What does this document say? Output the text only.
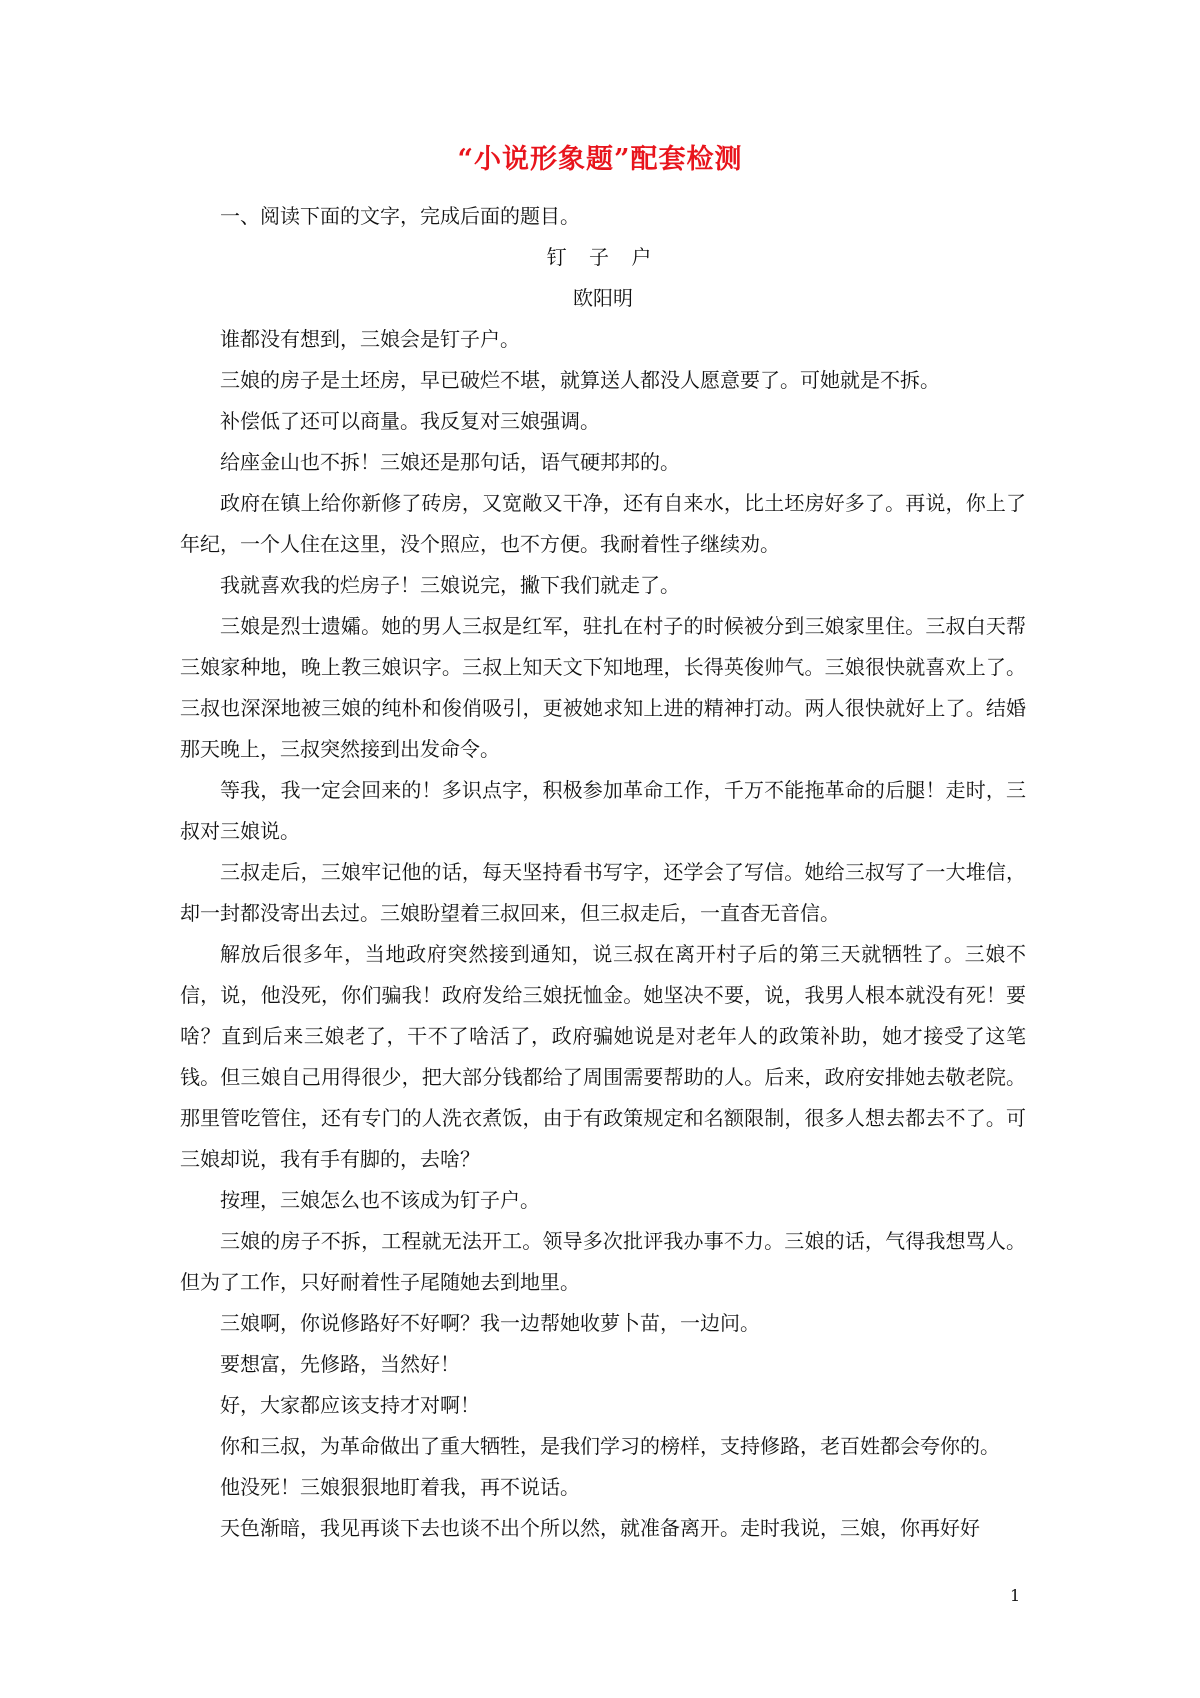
“小说形象题”配套检测

一、阅读下面的文字，完成后面的题目。

钉 子 户

欧阳明

谁都没有想到，三娘会是钉子户。

三娘的房子是土坯房，早已破烂不堪，就算送人都没人愿意要了。可她就是不拆。

补偿低了还可以商量。我反复对三娘强调。

给座金山也不拆！三娘还是那句话，语气硬邦邦的。

政府在镇上给你新修了砖房，又宽敞又干净，还有自来水，比土坯房好多了。再说，你上了年纪，一个人住在这里，没个照应，也不方便。我耐着性子继续劝。

我就喜欢我的烂房子！三娘说完，撇下我们就走了。

三娘是烈士遗孀。她的男人三叔是红军，驻扎在村子的时候被分到三娘家里住。三叔白天帮三娘家种地，晚上教三娘识字。三叔上知天文下知地理，长得英俊帅气。三娘很快就喜欢上了。三叔也深深地被三娘的纯朴和俊俏吸引，更被她求知上进的精神打动。两人很快就好上了。结婚那天晚上，三叔突然接到出发命令。

等我，我一定会回来的！多识点字，积极参加革命工作，千万不能拖革命的后腿！走时，三叔对三娘说。

三叔走后，三娘牢记他的话，每天坚持看书写字，还学会了写信。她给三叔写了一大堆信，却一封都没寄出去过。三娘盼望着三叔回来，但三叔走后，一直杳无音信。

解放后很多年，当地政府突然接到通知，说三叔在离开村子后的第三天就牺牲了。三娘不信，说，他没死，你们骗我！政府发给三娘抚恤金。她坚决不要，说，我男人根本就没有死！要啥？直到后来三娘老了，干不了啥活了，政府骗她说是对老年人的政策补助，她才接受了这笔钱。但三娘自己用得很少，把大部分钱都给了周围需要帮助的人。后来，政府安排她去敬老院。那里管吃管住，还有专门的人洗衣煮饭，由于有政策规定和名额限制，很多人想去都去不了。可三娘却说，我有手有脚的，去啥？

按理，三娘怎么也不该成为钉子户。

三娘的房子不拆，工程就无法开工。领导多次批评我办事不力。三娘的话，气得我想骂人。但为了工作，只好耐着性子尾随她去到地里。

三娘啊，你说修路好不好啊？我一边帮她收萝卜苗，一边问。

要想富，先修路，当然好！

好，大家都应该支持才对啊！

你和三叔，为革命做出了重大牺牲，是我们学习的榜样，支持修路，老百姓都会夸你的。

他没死！三娘狠狠地盯着我，再不说话。

天色渐暗，我见再谈下去也谈不出个所以然，就准备离开。走时我说，三娘，你再好好

1
